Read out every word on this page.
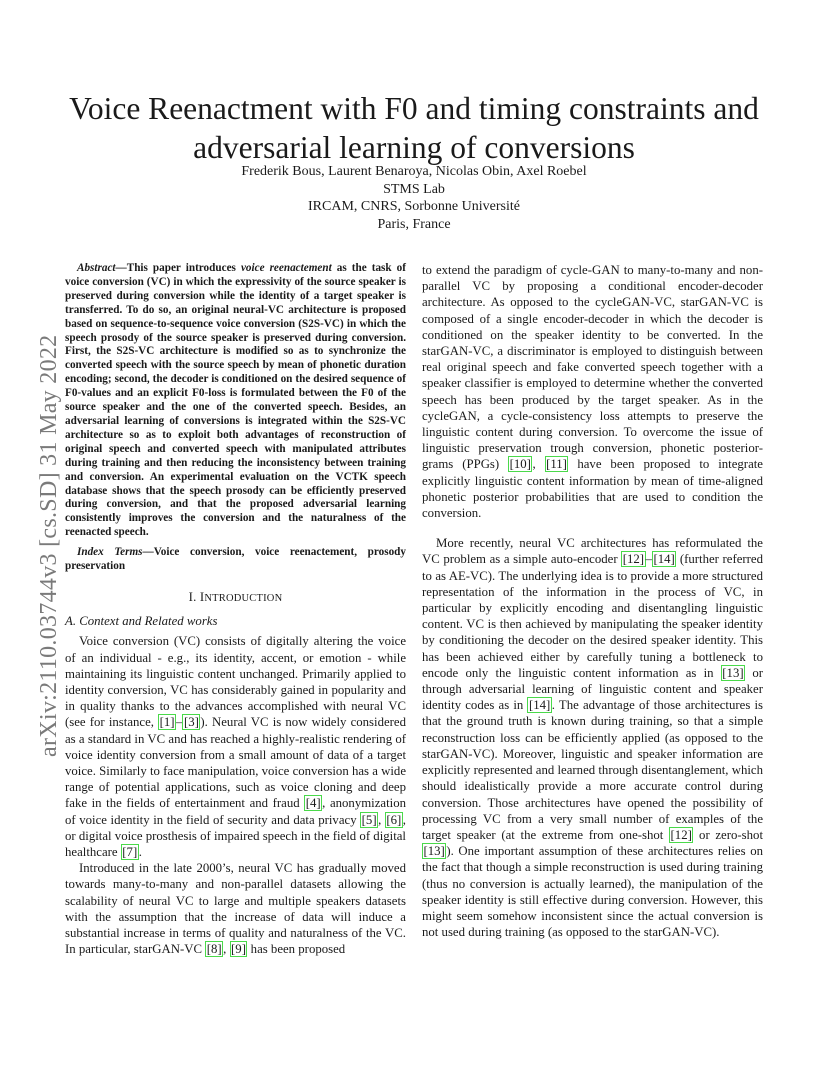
Voice Reenactment with F0 and timing constraints and adversarial learning of conversions
Frederik Bous, Laurent Benaroya, Nicolas Obin, Axel Roebel
STMS Lab
IRCAM, CNRS, Sorbonne Université
Paris, France
arXiv:2110.03744v3 [cs.SD] 31 May 2022

Abstract—This paper introduces voice reenactement as the task of voice conversion (VC) in which the expressivity of the source speaker is preserved during conversion while the identity of a target speaker is transferred. To do so, an original neural-VC architecture is proposed based on sequence-to-sequence voice conversion (S2S-VC) in which the speech prosody of the source speaker is preserved during conversion. First, the S2S-VC architecture is modified so as to synchronize the converted speech with the source speech by mean of phonetic duration encoding; second, the decoder is conditioned on the desired sequence of F0-values and an explicit F0-loss is formulated between the F0 of the source speaker and the one of the converted speech. Besides, an adversarial learning of conversions is integrated within the S2S-VC architecture so as to exploit both advantages of reconstruction of original speech and converted speech with manipulated attributes during training and then reducing the inconsistency between training and conversion. An experimental evaluation on the VCTK speech database shows that the speech prosody can be efficiently preserved during conversion, and that the proposed adversarial learning consistently improves the conversion and the naturalness of the reenacted speech.

Index Terms—Voice conversion, voice reenactement, prosody preservation

I. INTRODUCTION
A. Context and Related works

Voice conversion (VC) consists of digitally altering the voice of an individual - e.g., its identity, accent, or emotion - while maintaining its linguistic content unchanged. Primarily applied to identity conversion, VC has considerably gained in popularity and in quality thanks to the advances accomplished with neural VC (see for instance, [1] – [3] ). Neural VC is now widely considered as a standard in VC and has reached a highly-realistic rendering of voice identity conversion from a small amount of data of a target voice. Similarly to face manipulation, voice conversion has a wide range of potential applications, such as voice cloning and deep fake in the fields of entertainment and fraud [4] , anonymization of voice identity in the field of security and data privacy [5] , [6] , or digital voice prosthesis of impaired speech in the field of digital healthcare [7] .

Introduced in the late 2000’s, neural VC has gradually moved towards many-to-many and non-parallel datasets allowing the scalability of neural VC to large and multiple speakers datasets with the assumption that the increase of data will induce a substantial increase in terms of quality and naturalness of the VC. In particular, starGAN-VC [8] , [9] has been proposed

to extend the paradigm of cycle-GAN to many-to-many and non-parallel VC by proposing a conditional encoder-decoder architecture. As opposed to the cycleGAN-VC, starGAN-VC is composed of a single encoder-decoder in which the decoder is conditioned on the speaker identity to be converted. In the starGAN-VC, a discriminator is employed to distinguish between real original speech and fake converted speech together with a speaker classifier is employed to determine whether the converted speech has been produced by the target speaker. As in the cycleGAN, a cycle-consistency loss attempts to preserve the linguistic content during conversion. To overcome the issue of linguistic preservation trough conversion, phonetic posterior-grams (PPGs) [10] , [11] have been proposed to integrate explicitly linguistic content information by mean of time-aligned phonetic posterior probabilities that are used to condition the conversion.

More recently, neural VC architectures has reformulated the VC problem as a simple auto-encoder [12] – [14] (further referred to as AE-VC). The underlying idea is to provide a more structured representation of the information in the process of VC, in particular by explicitly encoding and disentangling linguistic content. VC is then achieved by manipulating the speaker identity by conditioning the decoder on the desired speaker identity. This has been achieved either by carefully tuning a bottleneck to encode only the linguistic content information as in [13] or through adversarial learning of linguistic content and speaker identity codes as in [14] . The advantage of those architectures is that the ground truth is known during training, so that a simple reconstruction loss can be efficiently applied (as opposed to the starGAN-VC). Moreover, linguistic and speaker information are explicitly represented and learned through disentanglement, which should idealistically provide a more accurate control during conversion. Those architectures have opened the possibility of processing VC from a very small number of examples of the target speaker (at the extreme from one-shot [12] or zero-shot [13] ). One important assumption of these architectures relies on the fact that though a simple reconstruction is used during training (thus no conversion is actually learned), the manipulation of the speaker identity is still effective during conversion. However, this might seem somehow inconsistent since the actual conversion is not used during training (as opposed to the starGAN-VC).
